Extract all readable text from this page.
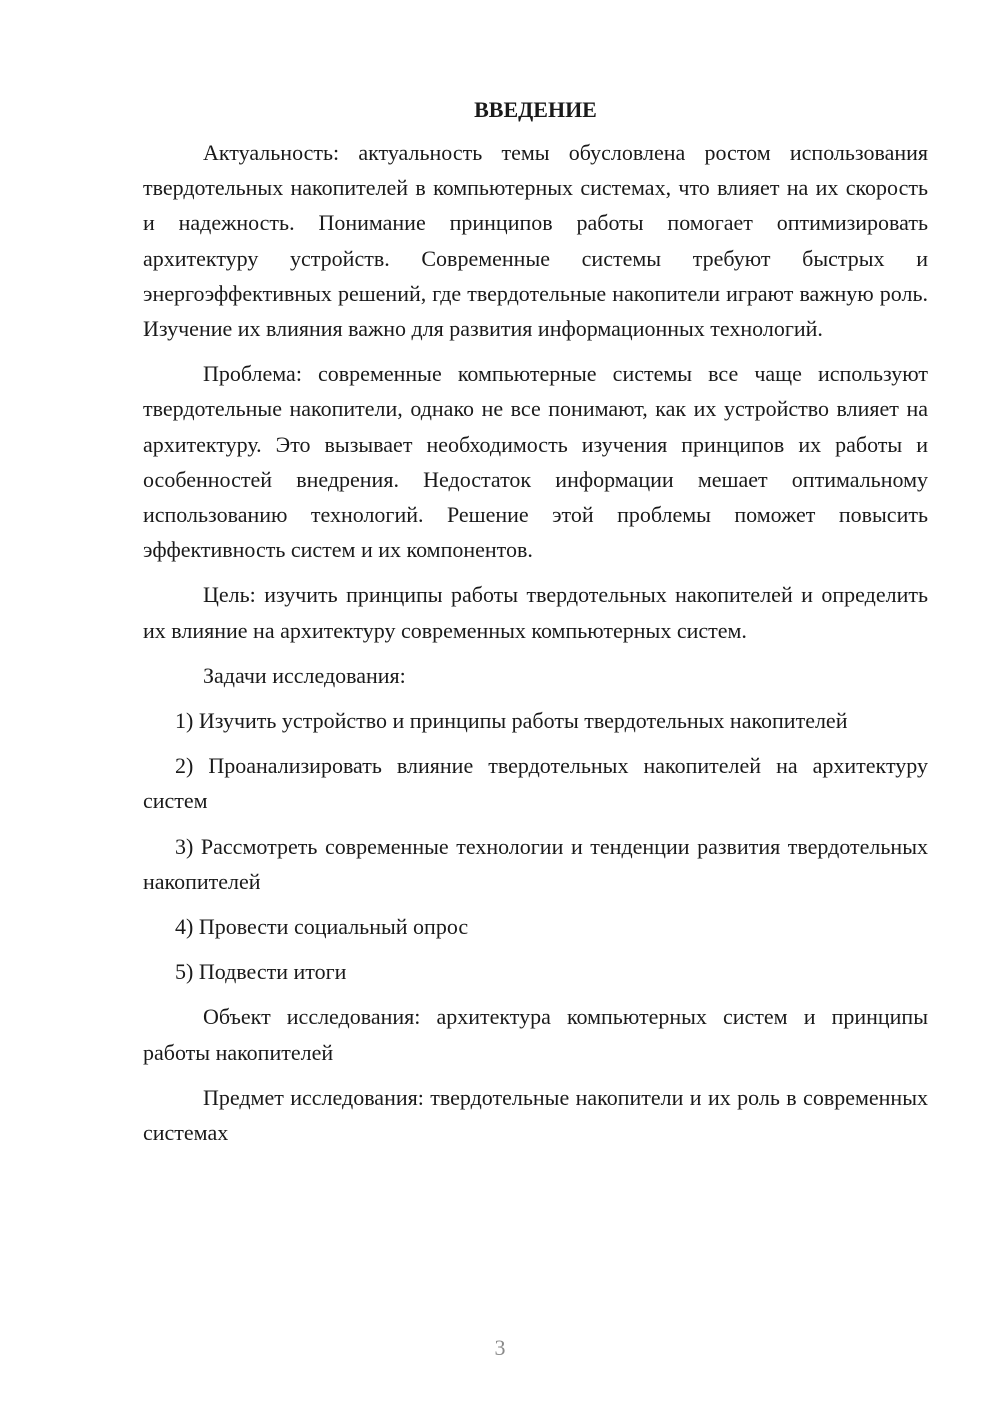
ВВЕДЕНИЕ

Актуальность: актуальность темы обусловлена ростом использования твердотельных накопителей в компьютерных системах, что влияет на их скорость и надежность. Понимание принципов работы помогает оптимизировать архитектуру устройств. Современные системы требуют быстрых и энергоэффективных решений, где твердотельные накопители играют важную роль. Изучение их влияния важно для развития информационных технологий.

Проблема: современные компьютерные системы все чаще используют твердотельные накопители, однако не все понимают, как их устройство влияет на архитектуру. Это вызывает необходимость изучения принципов их работы и особенностей внедрения. Недостаток информации мешает оптимальному использованию технологий. Решение этой проблемы поможет повысить эффективность систем и их компонентов.

Цель: изучить принципы работы твердотельных накопителей и определить их влияние на архитектуру современных компьютерных систем.

Задачи исследования:

1) Изучить устройство и принципы работы твердотельных накопителей

2) Проанализировать влияние твердотельных накопителей на архитектуру систем

3) Рассмотреть современные технологии и тенденции развития твердотельных накопителей

4) Провести социальный опрос

5) Подвести итоги

Объект исследования: архитектура компьютерных систем и принципы работы накопителей

Предмет исследования: твердотельные накопители и их роль в современных системах

3
